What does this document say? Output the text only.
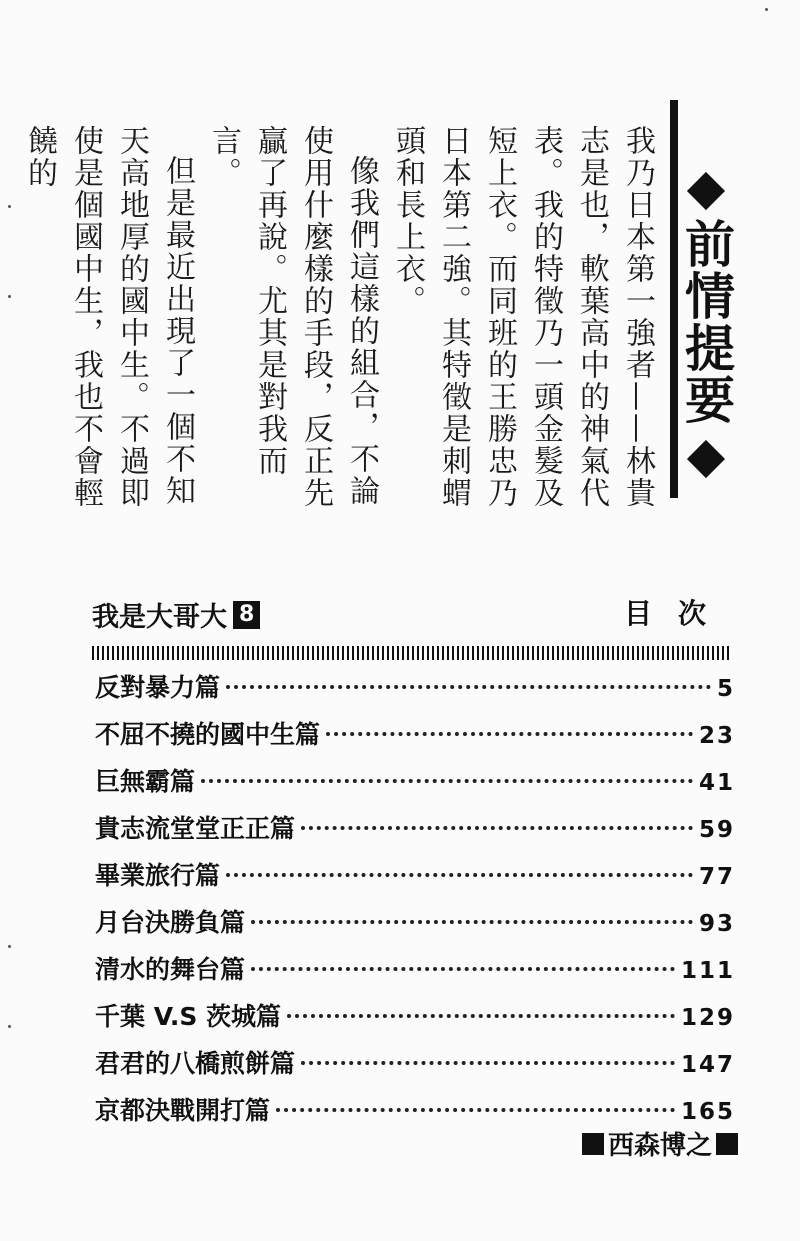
◆前情提要◆

我乃日本第一強者——林貴志是也，軟葉高中的神氣代表。我的特徵乃一頭金髮及短上衣。而同班的王勝忠乃日本第二強。其特徵是刺蝟頭和長上衣。

像我們這樣的組合，不論使用什麼樣的手段，反正先贏了再說。尤其是對我而言。

但是最近出現了一個不知天高地厚的國中生。不過即使是個國中生，我也不會輕饒的

我是大哥大 8	目次
反對暴力篇	5
不屈不撓的國中生篇	23
巨無霸篇	41
貴志流堂堂正正篇	59
畢業旅行篇	77
月台決勝負篇	93
清水的舞台篇	111
千葉 V.S 茨城篇	129
君君的八橋煎餅篇	147
京都決戰開打篇	165
西森博之
